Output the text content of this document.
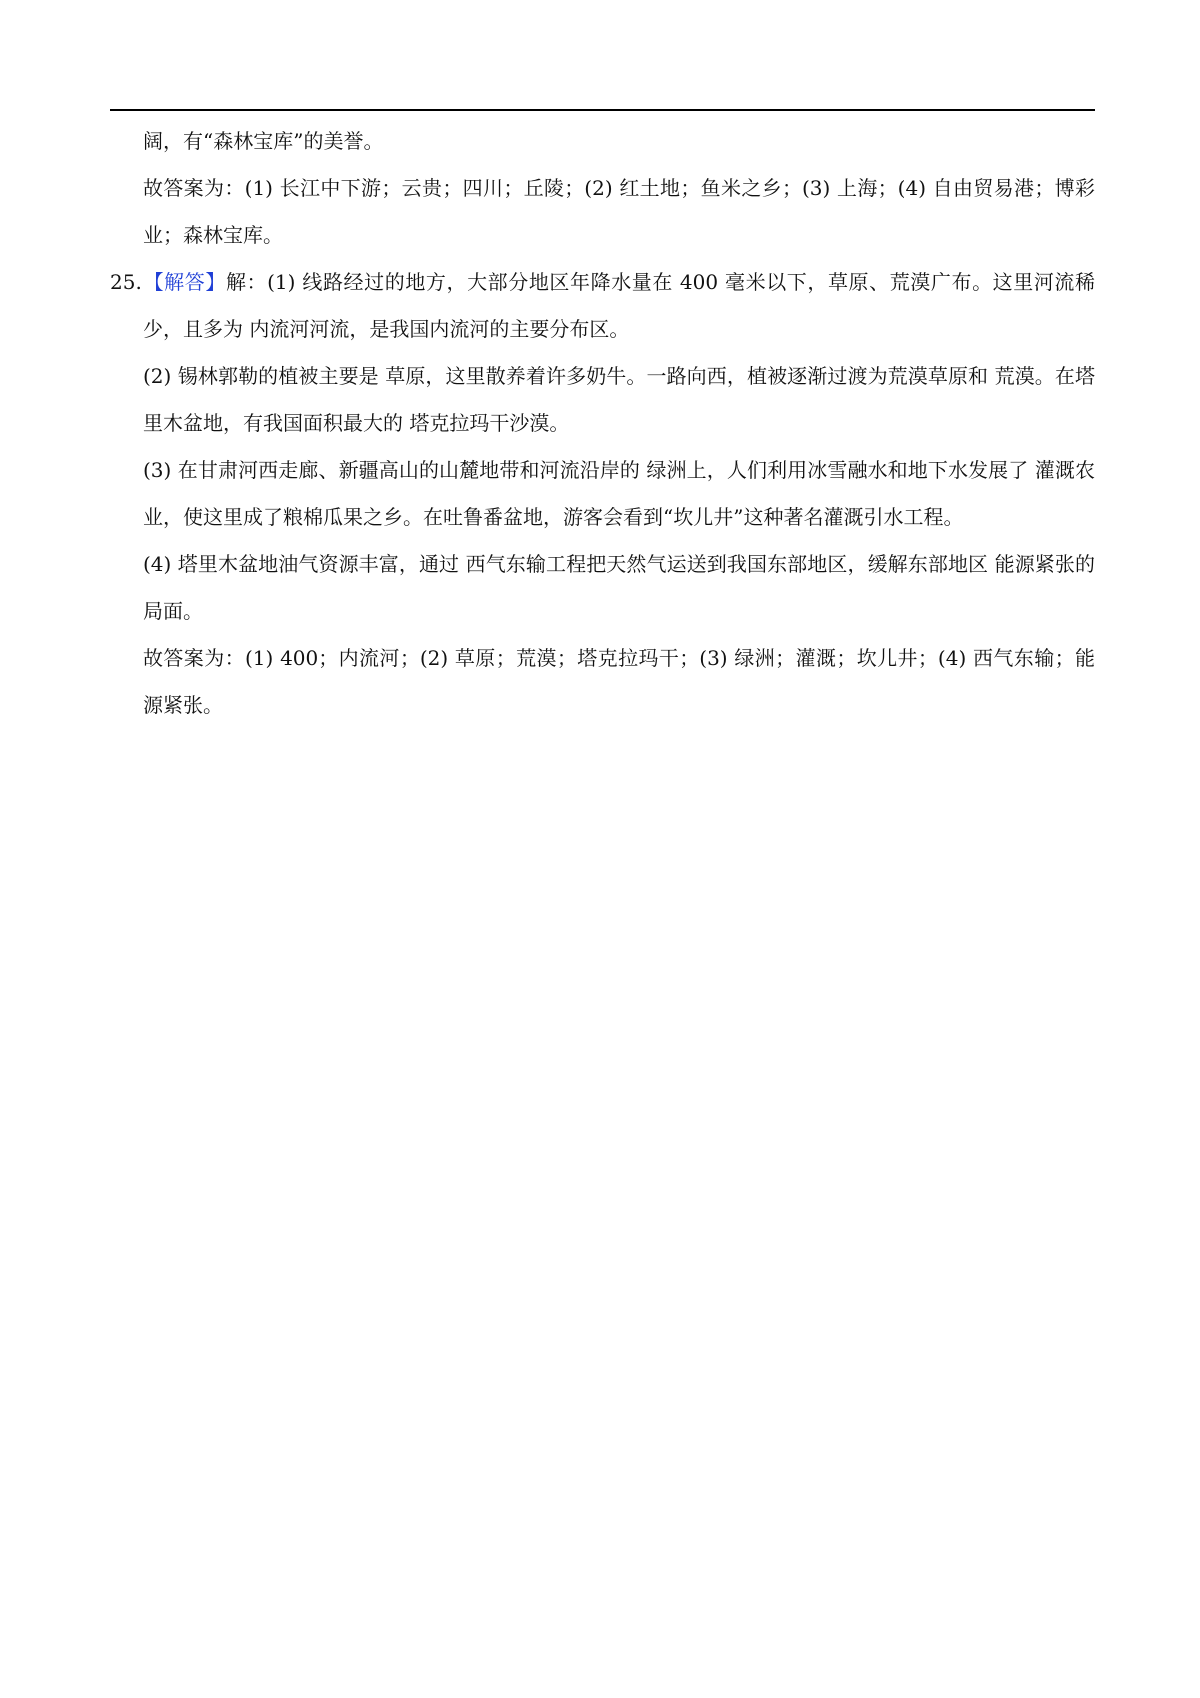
阔，有“森林宝库”的美誉。

故答案为：(1) 长江中下游；云贵；四川；丘陵；(2) 红土地；鱼米之乡；(3) 上海；(4) 自由贸易港；博彩业；森林宝库。

25.【解答】解：(1) 线路经过的地方，大部分地区年降水量在 400 毫米以下，草原、荒漠广布。这里河流稀少，且多为 内流河河流，是我国内流河的主要分布区。

(2) 锡林郭勒的植被主要是 草原，这里散养着许多奶牛。一路向西，植被逐渐过渡为荒漠草原和 荒漠。在塔里木盆地，有我国面积最大的 塔克拉玛干沙漠。

(3) 在甘肃河西走廊、新疆高山的山麓地带和河流沿岸的 绿洲上，人们利用冰雪融水和地下水发展了 灌溉农业，使这里成了粮棉瓜果之乡。在吐鲁番盆地，游客会看到“坎儿井”这种著名灌溉引水工程。

(4) 塔里木盆地油气资源丰富，通过 西气东输工程把天然气运送到我国东部地区，缓解东部地区 能源紧张的局面。

故答案为：(1) 400；内流河；(2) 草原；荒漠；塔克拉玛干；(3) 绿洲；灌溉；坎儿井；(4) 西气东输；能源紧张。
